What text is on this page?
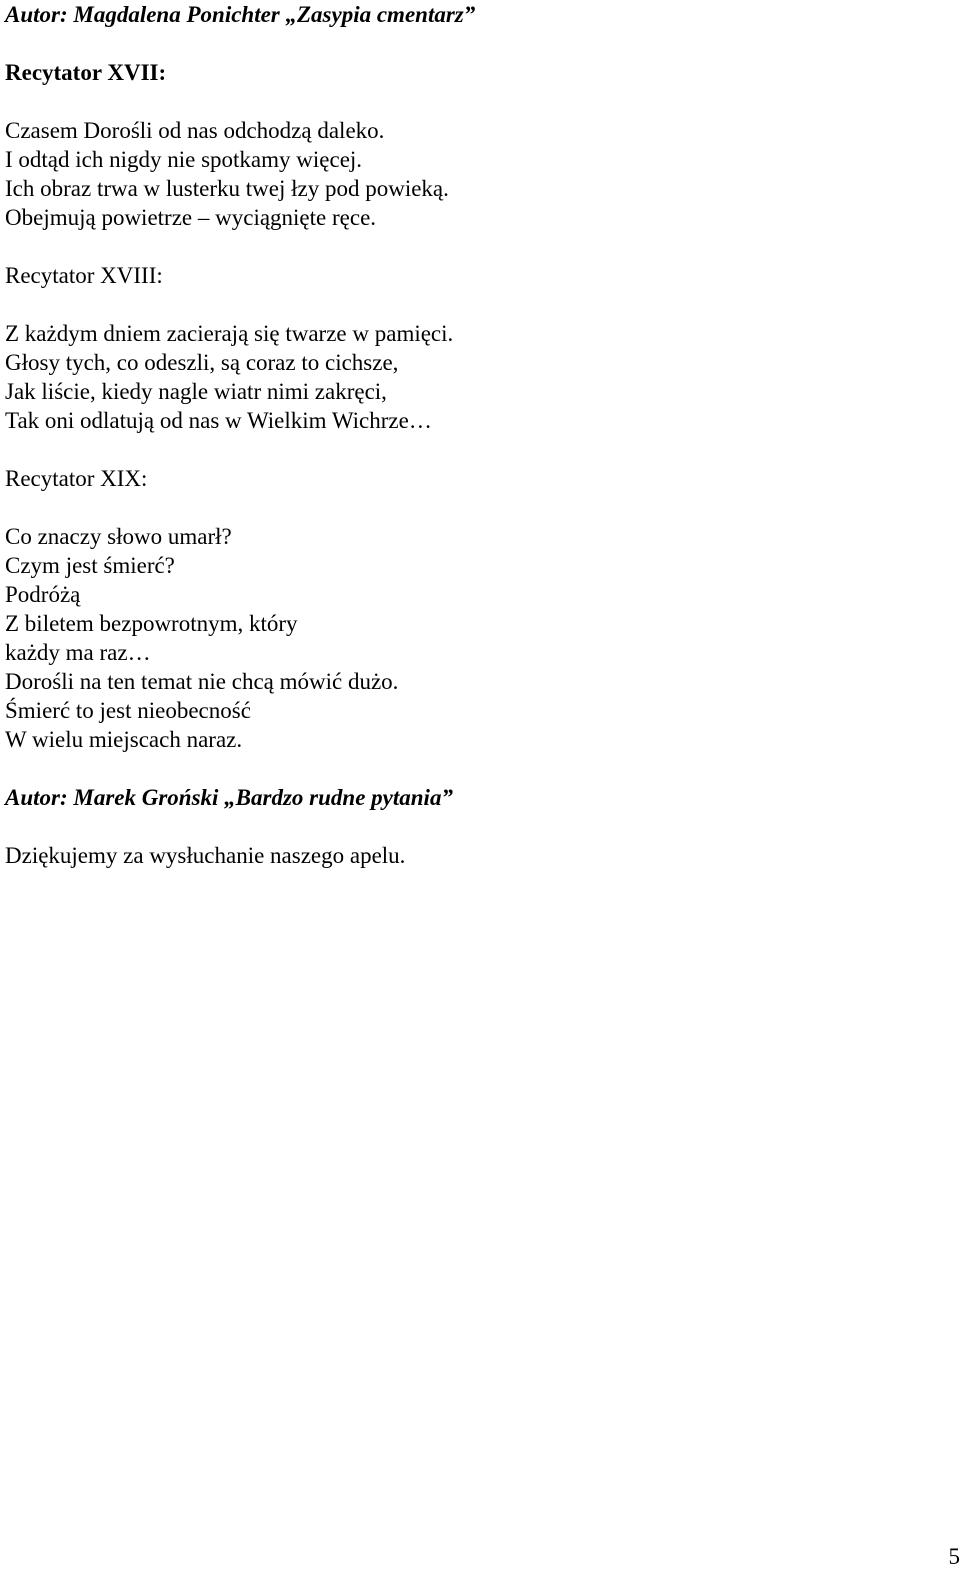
Autor: Magdalena Ponichter „Zasypia cmentarz”
Recytator XVII:
Czasem Dorośli od nas odchodzą daleko.
I odtąd ich nigdy nie spotkamy więcej.
Ich obraz trwa w lusterku twej łzy pod powieką.
Obejmują powietrze – wyciągnięte ręce.
Recytator XVIII:
Z każdym dniem zacierają się twarze w pamięci.
Głosy tych, co odeszli, są coraz to cichsze,
Jak liście, kiedy nagle wiatr nimi zakręci,
Tak oni odlatują od nas w Wielkim Wichrze…
Recytator XIX:
Co znaczy słowo umarł?
Czym jest śmierć?
Podróżą
Z biletem bezpowrotnym, który
każdy ma raz…
Dorośli na ten temat nie chcą mówić dużo.
Śmierć to jest nieobecność
W wielu miejscach naraz.
Autor: Marek Groński „Bardzo rudne pytania”
Dziękujemy za wysłuchanie naszego apelu.
5
